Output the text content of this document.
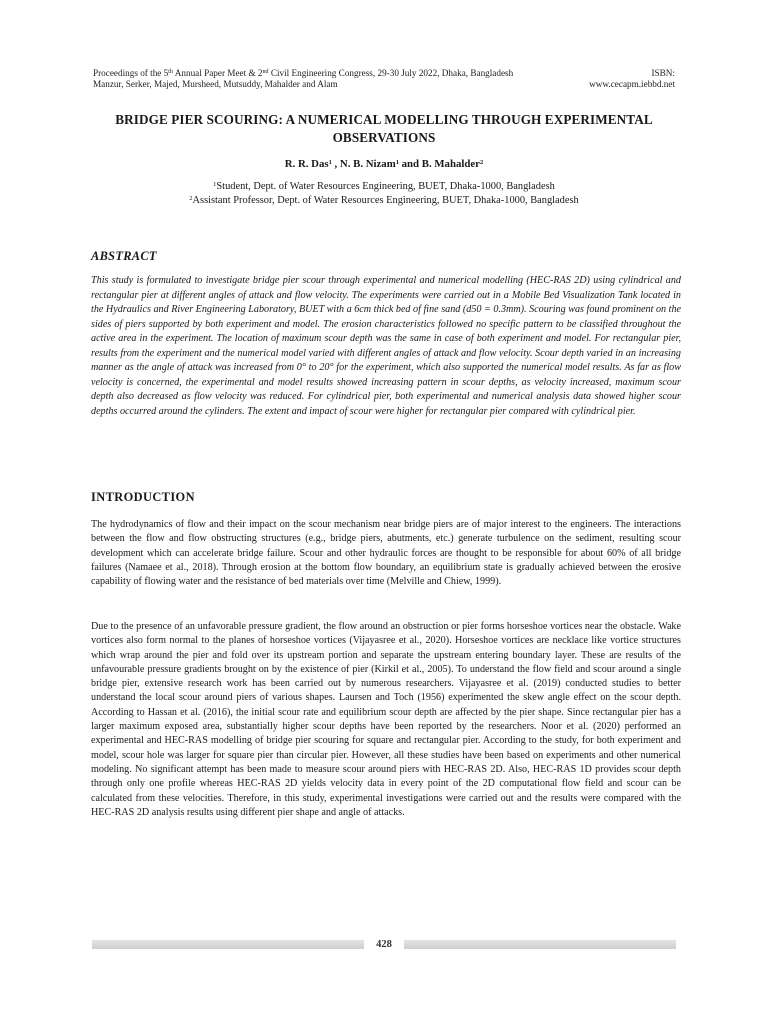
Proceedings of the 5th Annual Paper Meet & 2nd Civil Engineering Congress, 29-30 July 2022, Dhaka, Bangladesh	ISBN:
Manzur, Serker, Majed, Mursheed, Mutsuddy, Mahalder and Alam	www.cecapm.iebbd.net
BRIDGE PIER SCOURING: A NUMERICAL MODELLING THROUGH EXPERIMENTAL
OBSERVATIONS
R. R. Das$^1$ , N. B. Nizam$^1$ and B. Mahalder$^2$
$^1$Student, Dept. of Water Resources Engineering, BUET, Dhaka-1000, Bangladesh
$^2$Assistant Professor, Dept. of Water Resources Engineering, BUET, Dhaka-1000, Bangladesh
ABSTRACT

This study is formulated to investigate bridge pier scour through experimental and numerical modelling (HEC-RAS 2D) using cylindrical and rectangular pier at different angles of attack and flow velocity. The experiments were carried out in a Mobile Bed Visualization Tank located in the Hydraulics and River Engineering Laboratory, BUET with a 6cm thick bed of fine sand (d50 = 0.3mm). Scouring was found prominent on the sides of piers supported by both experiment and model. The erosion characteristics followed no specific pattern to be classified throughout the active area in the experiment. The location of maximum scour depth was the same in case of both experiment and model. For rectangular pier, results from the experiment and the numerical model varied with different angles of attack and flow velocity. Scour depth varied in an increasing manner as the angle of attack was increased from 0° to 20° for the experiment, which also supported the numerical model results. As far as flow velocity is concerned, the experimental and model results showed increasing pattern in scour depths, as velocity increased, maximum scour depth also decreased as flow velocity was reduced. For cylindrical pier, both experimental and numerical analysis data showed higher scour depths occurred around the cylinders. The extent and impact of scour were higher for rectangular pier compared with cylindrical pier.

INTRODUCTION

The hydrodynamics of flow and their impact on the scour mechanism near bridge piers are of major interest to the engineers. The interactions between the flow and flow obstructing structures (e.g., bridge piers, abutments, etc.) generate turbulence on the sediment, resulting scour development which can accelerate bridge failure. Scour and other hydraulic forces are thought to be responsible for about 60% of all bridge failures (Namaee et al., 2018). Through erosion at the bottom flow boundary, an equilibrium state is gradually achieved between the erosive capability of flowing water and the resistance of bed materials over time (Melville and Chiew, 1999).

Due to the presence of an unfavorable pressure gradient, the flow around an obstruction or pier forms horseshoe vortices near the obstacle. Wake vortices also form normal to the planes of horseshoe vortices (Vijayasree et al., 2020). Horseshoe vortices are necklace like vortice structures which wrap around the pier and fold over its upstream portion and separate the upstream entering boundary layer. These are results of the unfavourable pressure gradients brought on by the existence of pier (Kirkil et al., 2005). To understand the flow field and scour around a single bridge pier, extensive research work has been carried out by numerous researchers. Vijayasree et al. (2019) conducted studies to better understand the local scour around piers of various shapes. Laursen and Toch (1956) experimented the skew angle effect on the scour depth. According to Hassan et al. (2016), the initial scour rate and equilibrium scour depth are affected by the pier shape. Since rectangular pier has a larger maximum exposed area, substantially higher scour depths have been reported by the researchers. Noor et al. (2020) performed an experimental and HEC-RAS modelling of bridge pier scouring for square and rectangular pier. According to the study, for both experiment and model, scour hole was larger for square pier than circular pier. However, all these studies have been based on experiments and other numerical modeling. No significant attempt has been made to measure scour around piers with HEC-RAS 2D. Also, HEC-RAS 1D provides scour depth through only one profile whereas HEC-RAS 2D yields velocity data in every point of the 2D computational flow field and scour can be calculated from these velocities. Therefore, in this study, experimental investigations were carried out and the results were compared with the HEC-RAS 2D analysis results using different pier shape and angle of attacks.

428
